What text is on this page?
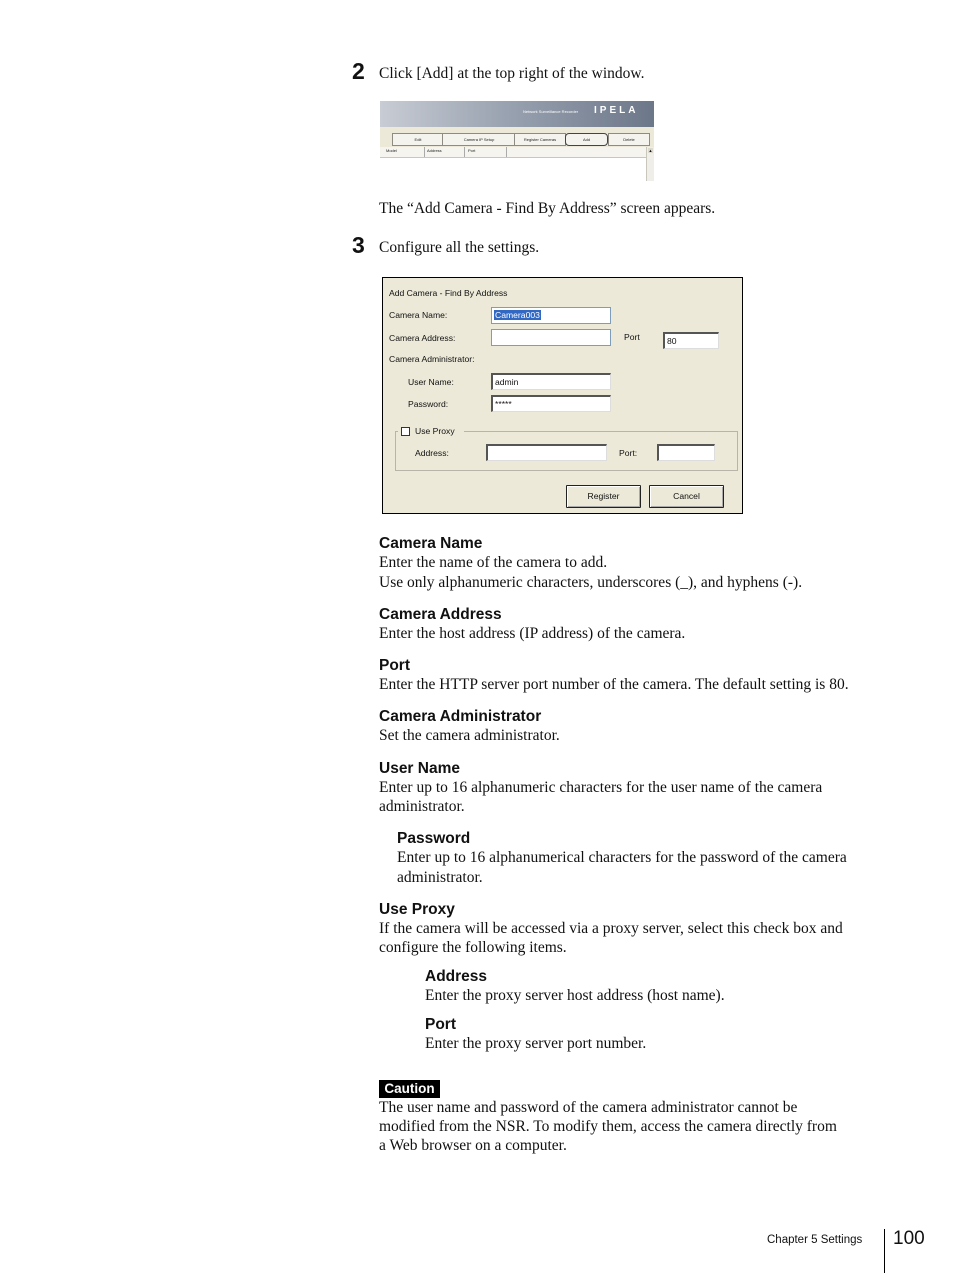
2 Click [Add] at the top right of the window.
Network Surveillance Recorder IPELA
Edit	Camera IP Setup	Register Cameras	Add	Delete
Model	Address	Port	▲
The “Add Camera - Find By Address” screen appears.
3 Configure all the settings.
Add Camera - Find By Address
Camera Name:	Camera003
Camera Address:	Port	80
Camera Administrator:
User Name:	admin
Password:	*****
Use Proxy
Address:	Port:
Register	Cancel
Camera Name
Enter the name of the camera to add.
Use only alphanumeric characters, underscores (_), and hyphens (-).
Camera Address
Enter the host address (IP address) of the camera.
Port
Enter the HTTP server port number of the camera. The default setting is 80.
Camera Administrator
Set the camera administrator.
User Name
Enter up to 16 alphanumeric characters for the user name of the camera
administrator.
Password
Enter up to 16 alphanumerical characters for the password of the camera
administrator.
Use Proxy
If the camera will be accessed via a proxy server, select this check box and
configure the following items.
Address
Enter the proxy server host address (host name).
Port
Enter the proxy server port number.
Caution
The user name and password of the camera administrator cannot be
modified from the NSR. To modify them, access the camera directly from
a Web browser on a computer.
Chapter 5 Settings 100
